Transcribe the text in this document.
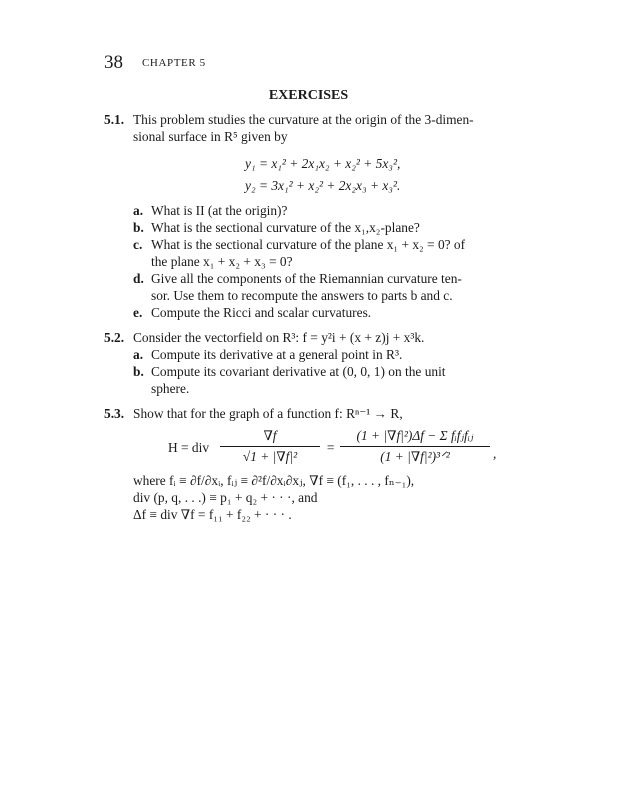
38 CHAPTER 5
EXERCISES
5.1. This problem studies the curvature at the origin of the 3-dimen-
sional surface in R⁵ given by
y₁ = x₁² + 2x₁x₂ + x₂² + 5x₃²,
y₂ = 3x₁² + x₂² + 2x₂x₃ + x₃².
a. What is II (at the origin)?
b. What is the sectional curvature of the x₁,x₂-plane?
c. What is the sectional curvature of the plane x₁ + x₂ = 0? of
the plane x₁ + x₂ + x₃ = 0?
d. Give all the components of the Riemannian curvature ten-
sor. Use them to recompute the answers to parts b and c.
e. Compute the Ricci and scalar curvatures.
5.2. Consider the vectorfield on R³: f = y²i + (x + z)j + x³k.
a. Compute its derivative at a general point in R³.
b. Compute its covariant derivative at (0, 0, 1) on the unit
sphere.
5.3. Show that for the graph of a function f: Rⁿ⁻¹ → R,
H = div
∇f
√1 + |∇f|²
=
(1 + |∇f|²)Δf − Σ fᵢfⱼfᵢⱼ
(1 + |∇f|²)³ᐟ²	,
where fᵢ ≡ ∂f/∂xᵢ, fᵢⱼ ≡ ∂²f/∂xᵢ∂xⱼ, ∇f ≡ (f₁, . . . , fₙ₋₁),
div (p, q, . . .) ≡ p₁ + q₂ + · · ·, and
Δf ≡ div ∇f = f₁₁ + f₂₂ + · · · .
